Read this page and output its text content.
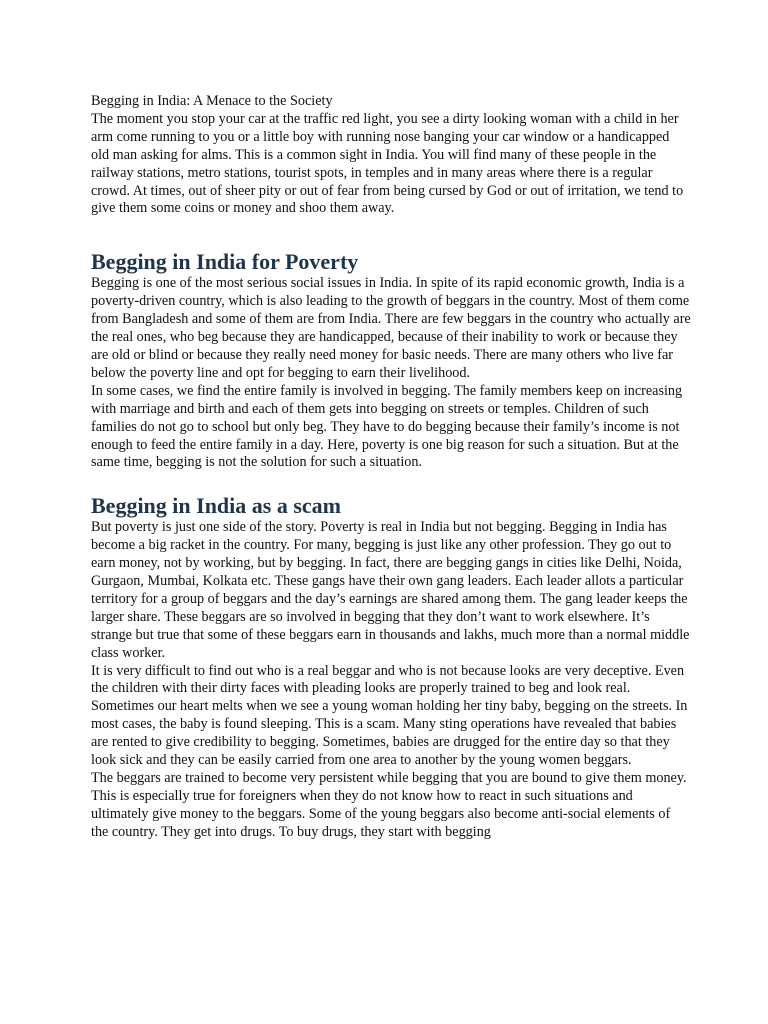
Begging in India: A Menace to the Society

The moment you stop your car at the traffic red light, you see a dirty looking woman with a child in her arm come running to you or a little boy with running nose banging your car window or a handicapped old man asking for alms. This is a common sight in India. You will find many of these people in the railway stations, metro stations, tourist spots, in temples and in many areas where there is a regular crowd. At times, out of sheer pity or out of fear from being cursed by God or out of irritation, we tend to give them some coins or money and shoo them away.

Begging in India for Poverty

Begging is one of the most serious social issues in India. In spite of its rapid economic growth, India is a poverty-driven country, which is also leading to the growth of beggars in the country. Most of them come from Bangladesh and some of them are from India. There are few beggars in the country who actually are the real ones, who beg because they are handicapped, because of their inability to work or because they are old or blind or because they really need money for basic needs. There are many others who live far below the poverty line and opt for begging to earn their livelihood.

In some cases, we find the entire family is involved in begging. The family members keep on increasing with marriage and birth and each of them gets into begging on streets or temples. Children of such families do not go to school but only beg. They have to do begging because their family’s income is not enough to feed the entire family in a day. Here, poverty is one big reason for such a situation. But at the same time, begging is not the solution for such a situation.

Begging in India as a scam

But poverty is just one side of the story. Poverty is real in India but not begging. Begging in India has become a big racket in the country. For many, begging is just like any other profession. They go out to earn money, not by working, but by begging. In fact, there are begging gangs in cities like Delhi, Noida, Gurgaon, Mumbai, Kolkata etc. These gangs have their own gang leaders. Each leader allots a particular territory for a group of beggars and the day’s earnings are shared among them. The gang leader keeps the larger share. These beggars are so involved in begging that they don’t want to work elsewhere. It’s strange but true that some of these beggars earn in thousands and lakhs, much more than a normal middle class worker.

It is very difficult to find out who is a real beggar and who is not because looks are very deceptive. Even the children with their dirty faces with pleading looks are properly trained to beg and look real. Sometimes our heart melts when we see a young woman holding her tiny baby, begging on the streets. In most cases, the baby is found sleeping. This is a scam. Many sting operations have revealed that babies are rented to give credibility to begging. Sometimes, babies are drugged for the entire day so that they look sick and they can be easily carried from one area to another by the young women beggars.

The beggars are trained to become very persistent while begging that you are bound to give them money. This is especially true for foreigners when they do not know how to react in such situations and ultimately give money to the beggars. Some of the young beggars also become anti-social elements of the country. They get into drugs. To buy drugs, they start with begging
